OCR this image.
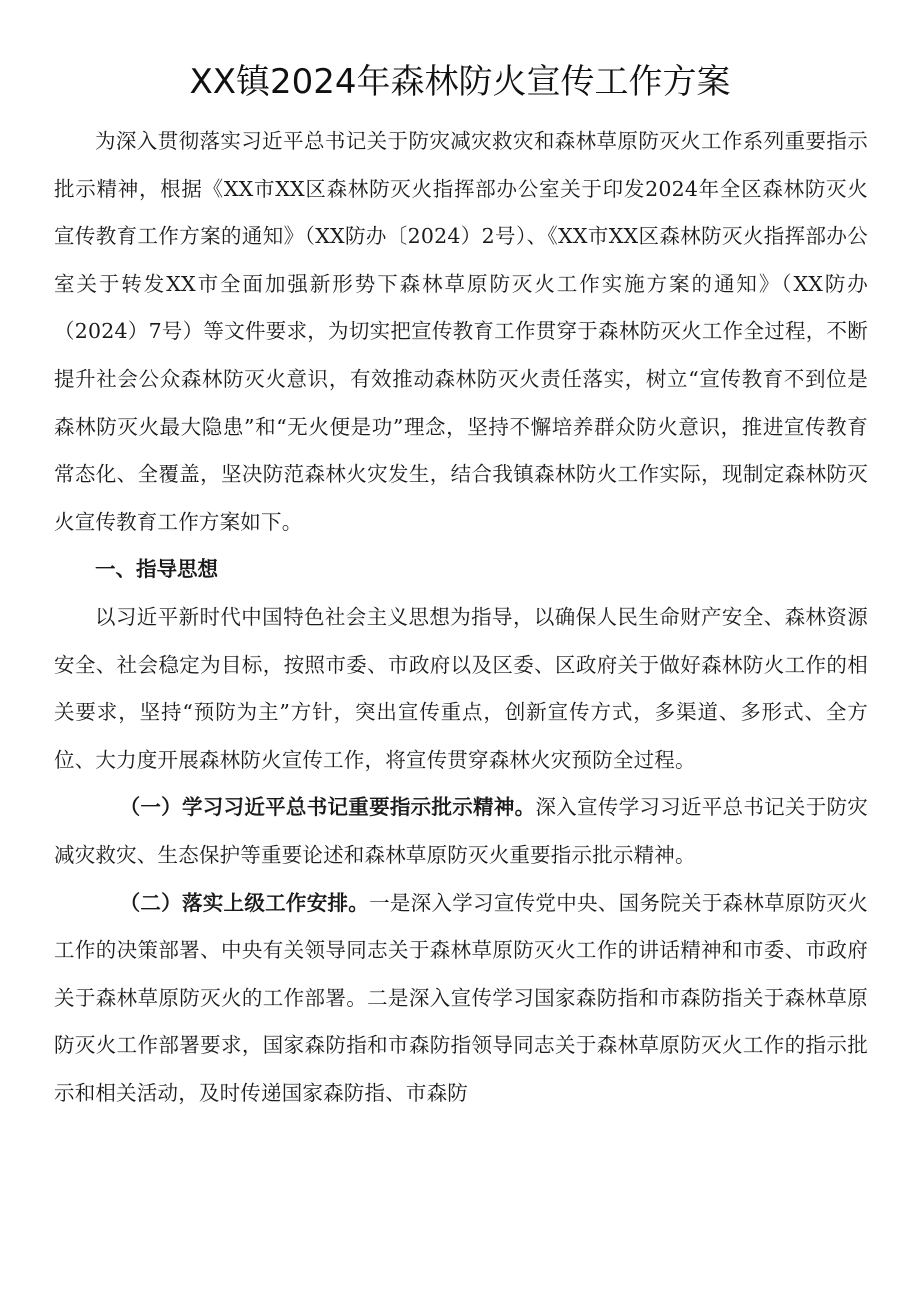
XX镇2024年森林防火宣传工作方案

为深入贯彻落实习近平总书记关于防灾减灾救灾和森林草原防灭火工作系列重要指示批示精神，根据《XX市XX区森林防灭火指挥部办公室关于印发2024年全区森林防灭火宣传教育工作方案的通知》（XX防办〔2024）2号）、《XX市XX区森林防灭火指挥部办公室关于转发XX市全面加强新形势下森林草原防灭火工作实施方案的通知》（XX防办（2024）7号）等文件要求，为切实把宣传教育工作贯穿于森林防灭火工作全过程，不断提升社会公众森林防灭火意识，有效推动森林防灭火责任落实，树立“宣传教育不到位是森林防灭火最大隐患”和“无火便是功”理念，坚持不懈培养群众防火意识，推进宣传教育常态化、全覆盖，坚决防范森林火灾发生，结合我镇森林防火工作实际，现制定森林防灭火宣传教育工作方案如下。

一、指导思想

以习近平新时代中国特色社会主义思想为指导，以确保人民生命财产安全、森林资源安全、社会稳定为目标，按照市委、市政府以及区委、区政府关于做好森林防火工作的相关要求，坚持“预防为主”方针，突出宣传重点，创新宣传方式，多渠道、多形式、全方位、大力度开展森林防火宣传工作，将宣传贯穿森林火灾预防全过程。

（一）学习习近平总书记重要指示批示精神。深入宣传学习习近平总书记关于防灾减灾救灾、生态保护等重要论述和森林草原防灭火重要指示批示精神。

（二）落实上级工作安排。一是深入学习宣传党中央、国务院关于森林草原防灭火工作的决策部署、中央有关领导同志关于森林草原防灭火工作的讲话精神和市委、市政府关于森林草原防灭火的工作部署。二是深入宣传学习国家森防指和市森防指关于森林草原防灭火工作部署要求，国家森防指和市森防指领导同志关于森林草原防灭火工作的指示批示和相关活动，及时传递国家森防指、市森防
